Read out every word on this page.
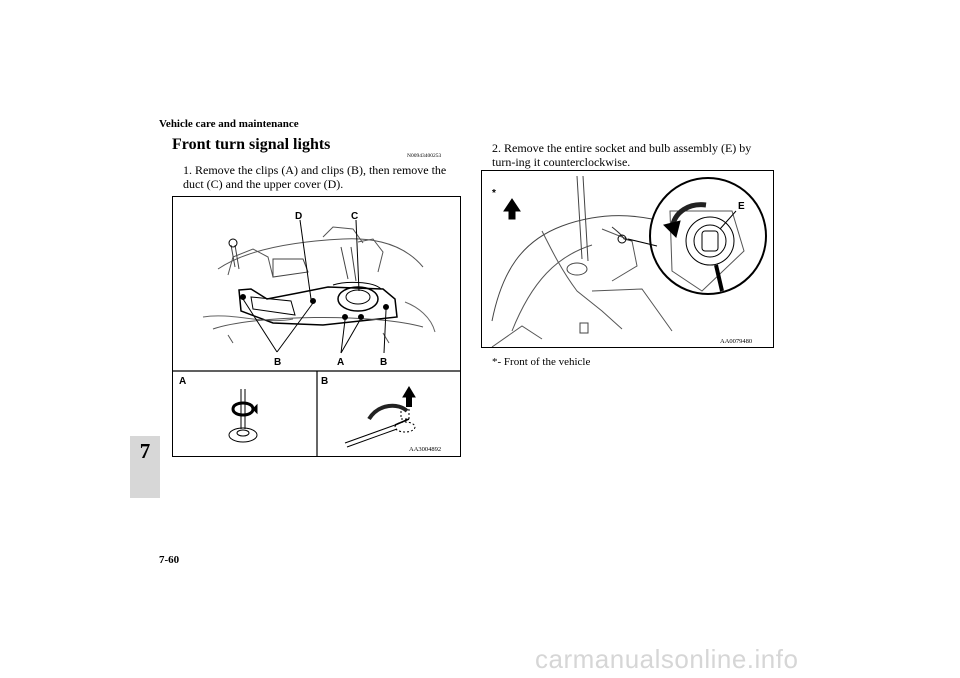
Vehicle care and maintenance
7
7-60
Front turn signal lights
N00943400253
1. Remove the clips (A) and clips (B), then remove the duct (C) and the upper cover (D).
2. Remove the entire socket and bulb assembly (E) by turn-ing it counterclockwise.
D	C
B	A	B
A	B
AA3004892
*
E
AA0079480
*- Front of the vehicle
carmanualsonline.info
